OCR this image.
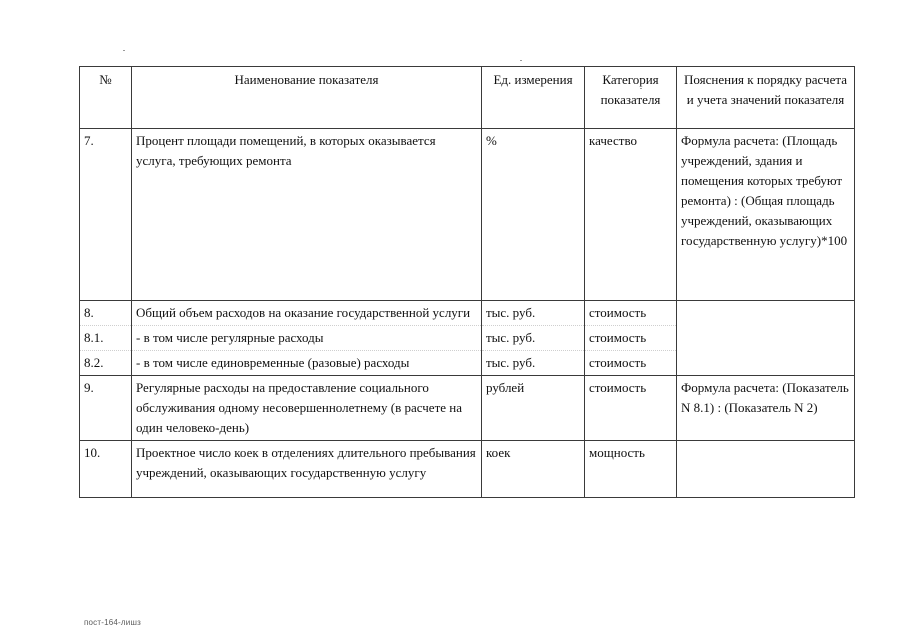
№	Наименование показателя	Ед. измерения	Категория показателя	Пояснения к порядку расчета и учета значений показателя
7.	Процент площади помещений, в которых оказывается услуга, требующих ремонта	%	качество	Формула расчета: (Площадь учреждений, здания и помещения которых требуют ремонта) : (Общая площадь учреждений, оказывающих государственную услугу)*100
8.	Общий объем расходов на оказание государственной услуги	тыс. руб.	стоимость	
8.1.	- в том числе регулярные расходы	тыс. руб.	стоимость	
8.2.	- в том числе единовременные (разовые) расходы	тыс. руб.	стоимость	
9.	Регулярные расходы на предоставление социального обслуживания одному несовершеннолетнему (в расчете на один человеко-день)	рублей	стоимость	Формула расчета: (Показатель N 8.1) : (Показатель N 2)
10.	Проектное число коек в отделениях длительного пребывания учреждений, оказывающих государственную услугу	коек	мощность	
пост-164-лишз
